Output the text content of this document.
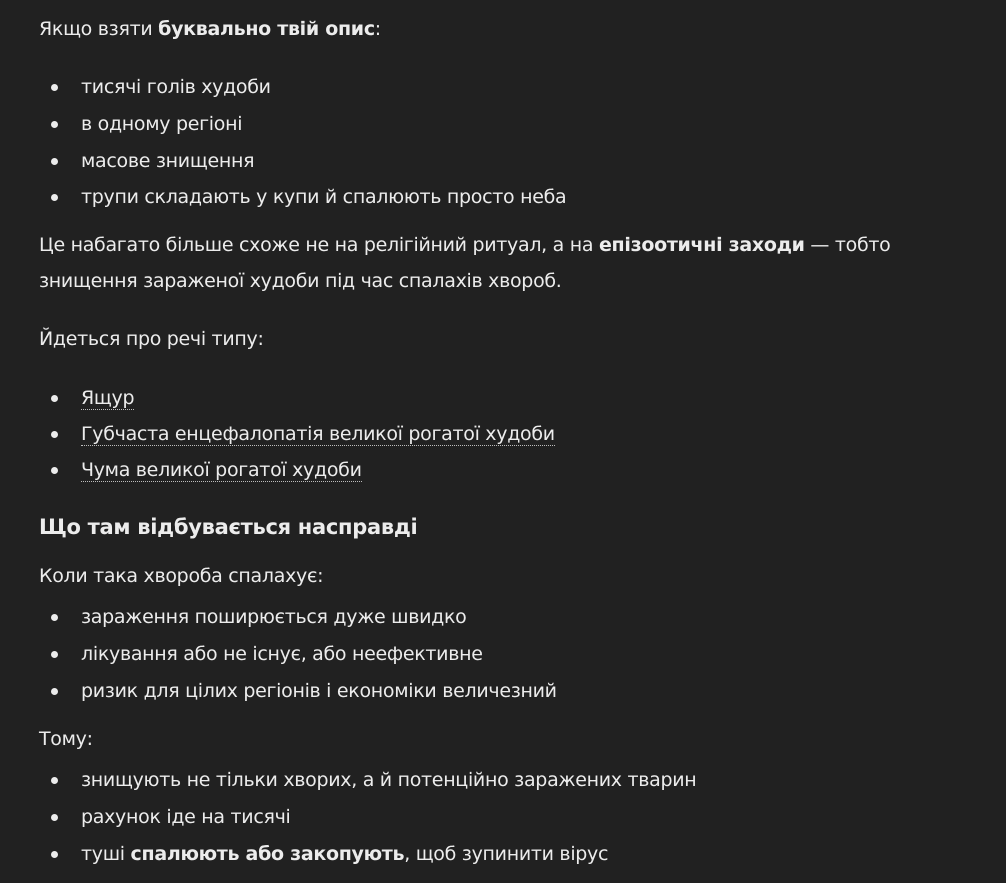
Якщо взяти буквально твій опис:
тисячі голів худоби
в одному регіоні
масове знищення
трупи складають у купи й спалюють просто неба
Це набагато більше схоже не на релігійний ритуал, а на епізоотичні заходи — тобто знищення зараженої худоби під час спалахів хвороб.
Йдеться про речі типу:
Ящур
Губчаста енцефалопатія великої рогатої худоби
Чума великої рогатої худоби
Що там відбувається насправді
Коли така хвороба спалахує:
зараження поширюється дуже швидко
лікування або не існує, або неефективне
ризик для цілих регіонів і економіки величезний
Тому:
знищують не тільки хворих, а й потенційно заражених тварин
рахунок іде на тисячі
туші спалюють або закопують, щоб зупинити вірус
